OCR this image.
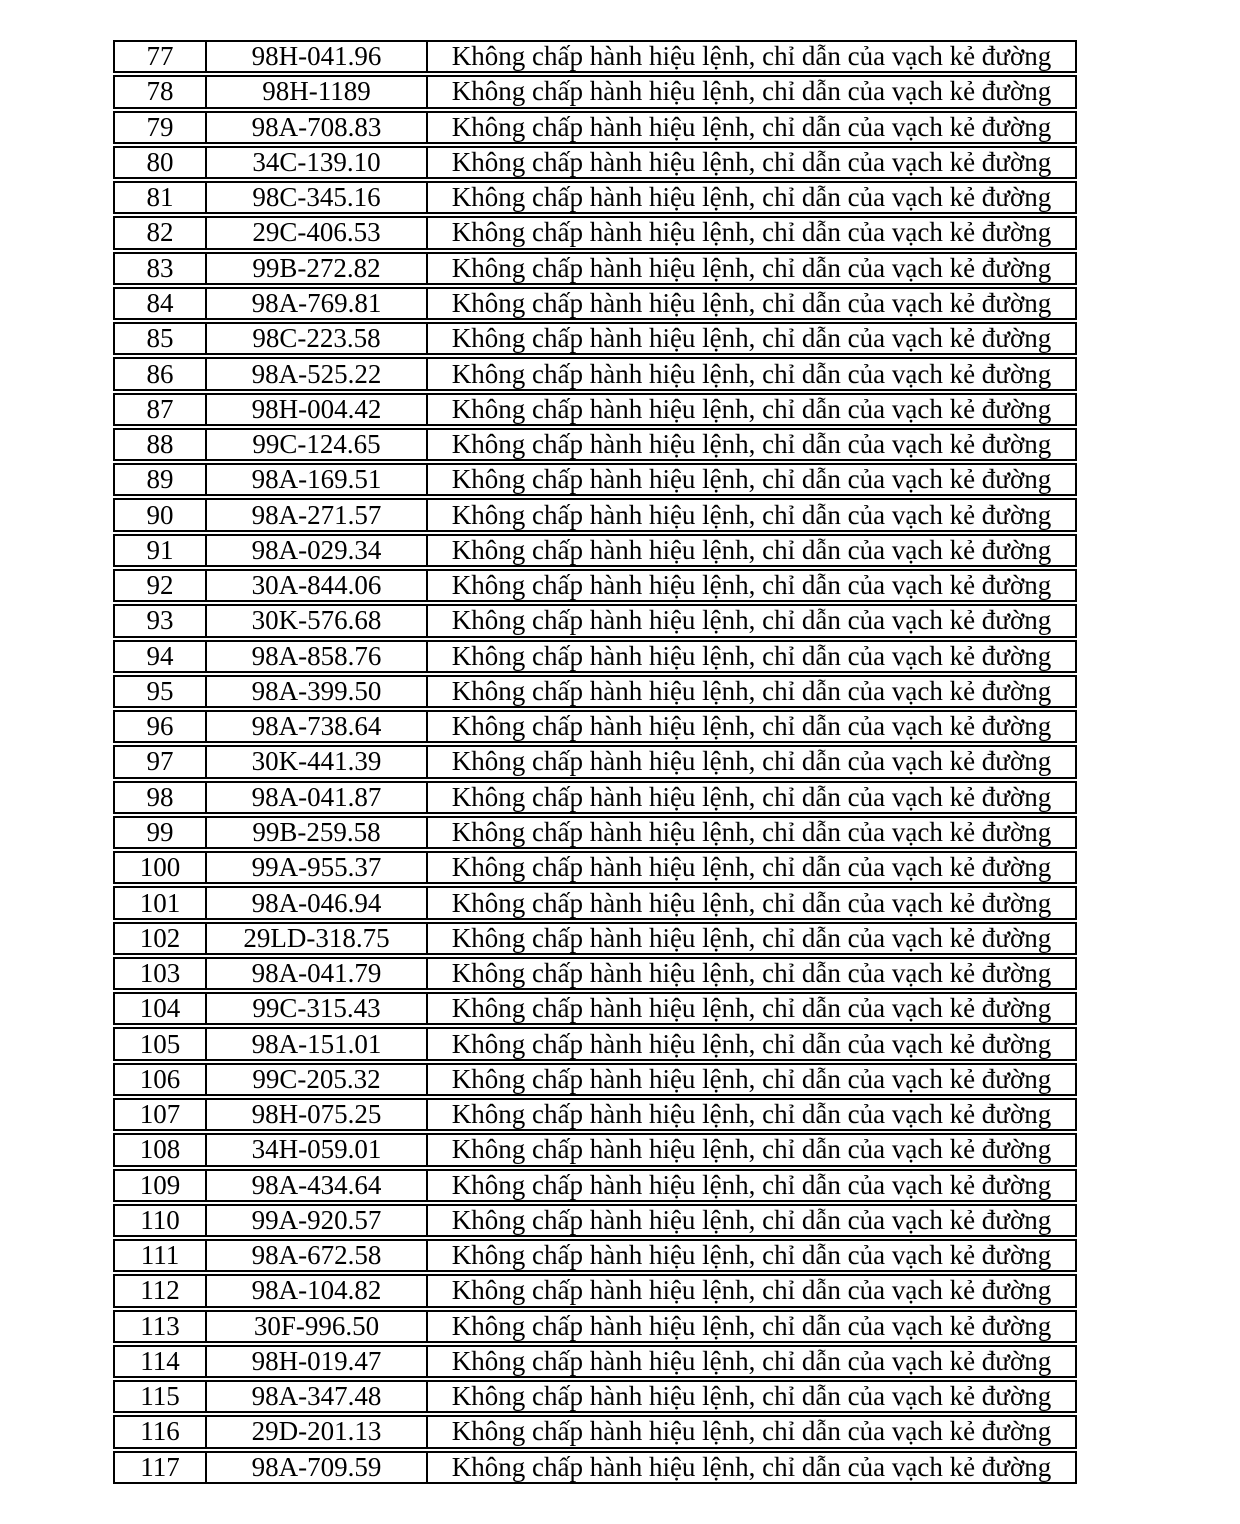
77	98H-041.96	Không chấp hành hiệu lệnh, chỉ dẫn của vạch kẻ đường
78	98H-1189	Không chấp hành hiệu lệnh, chỉ dẫn của vạch kẻ đường
79	98A-708.83	Không chấp hành hiệu lệnh, chỉ dẫn của vạch kẻ đường
80	34C-139.10	Không chấp hành hiệu lệnh, chỉ dẫn của vạch kẻ đường
81	98C-345.16	Không chấp hành hiệu lệnh, chỉ dẫn của vạch kẻ đường
82	29C-406.53	Không chấp hành hiệu lệnh, chỉ dẫn của vạch kẻ đường
83	99B-272.82	Không chấp hành hiệu lệnh, chỉ dẫn của vạch kẻ đường
84	98A-769.81	Không chấp hành hiệu lệnh, chỉ dẫn của vạch kẻ đường
85	98C-223.58	Không chấp hành hiệu lệnh, chỉ dẫn của vạch kẻ đường
86	98A-525.22	Không chấp hành hiệu lệnh, chỉ dẫn của vạch kẻ đường
87	98H-004.42	Không chấp hành hiệu lệnh, chỉ dẫn của vạch kẻ đường
88	99C-124.65	Không chấp hành hiệu lệnh, chỉ dẫn của vạch kẻ đường
89	98A-169.51	Không chấp hành hiệu lệnh, chỉ dẫn của vạch kẻ đường
90	98A-271.57	Không chấp hành hiệu lệnh, chỉ dẫn của vạch kẻ đường
91	98A-029.34	Không chấp hành hiệu lệnh, chỉ dẫn của vạch kẻ đường
92	30A-844.06	Không chấp hành hiệu lệnh, chỉ dẫn của vạch kẻ đường
93	30K-576.68	Không chấp hành hiệu lệnh, chỉ dẫn của vạch kẻ đường
94	98A-858.76	Không chấp hành hiệu lệnh, chỉ dẫn của vạch kẻ đường
95	98A-399.50	Không chấp hành hiệu lệnh, chỉ dẫn của vạch kẻ đường
96	98A-738.64	Không chấp hành hiệu lệnh, chỉ dẫn của vạch kẻ đường
97	30K-441.39	Không chấp hành hiệu lệnh, chỉ dẫn của vạch kẻ đường
98	98A-041.87	Không chấp hành hiệu lệnh, chỉ dẫn của vạch kẻ đường
99	99B-259.58	Không chấp hành hiệu lệnh, chỉ dẫn của vạch kẻ đường
100	99A-955.37	Không chấp hành hiệu lệnh, chỉ dẫn của vạch kẻ đường
101	98A-046.94	Không chấp hành hiệu lệnh, chỉ dẫn của vạch kẻ đường
102	29LD-318.75	Không chấp hành hiệu lệnh, chỉ dẫn của vạch kẻ đường
103	98A-041.79	Không chấp hành hiệu lệnh, chỉ dẫn của vạch kẻ đường
104	99C-315.43	Không chấp hành hiệu lệnh, chỉ dẫn của vạch kẻ đường
105	98A-151.01	Không chấp hành hiệu lệnh, chỉ dẫn của vạch kẻ đường
106	99C-205.32	Không chấp hành hiệu lệnh, chỉ dẫn của vạch kẻ đường
107	98H-075.25	Không chấp hành hiệu lệnh, chỉ dẫn của vạch kẻ đường
108	34H-059.01	Không chấp hành hiệu lệnh, chỉ dẫn của vạch kẻ đường
109	98A-434.64	Không chấp hành hiệu lệnh, chỉ dẫn của vạch kẻ đường
110	99A-920.57	Không chấp hành hiệu lệnh, chỉ dẫn của vạch kẻ đường
111	98A-672.58	Không chấp hành hiệu lệnh, chỉ dẫn của vạch kẻ đường
112	98A-104.82	Không chấp hành hiệu lệnh, chỉ dẫn của vạch kẻ đường
113	30F-996.50	Không chấp hành hiệu lệnh, chỉ dẫn của vạch kẻ đường
114	98H-019.47	Không chấp hành hiệu lệnh, chỉ dẫn của vạch kẻ đường
115	98A-347.48	Không chấp hành hiệu lệnh, chỉ dẫn của vạch kẻ đường
116	29D-201.13	Không chấp hành hiệu lệnh, chỉ dẫn của vạch kẻ đường
117	98A-709.59	Không chấp hành hiệu lệnh, chỉ dẫn của vạch kẻ đường
